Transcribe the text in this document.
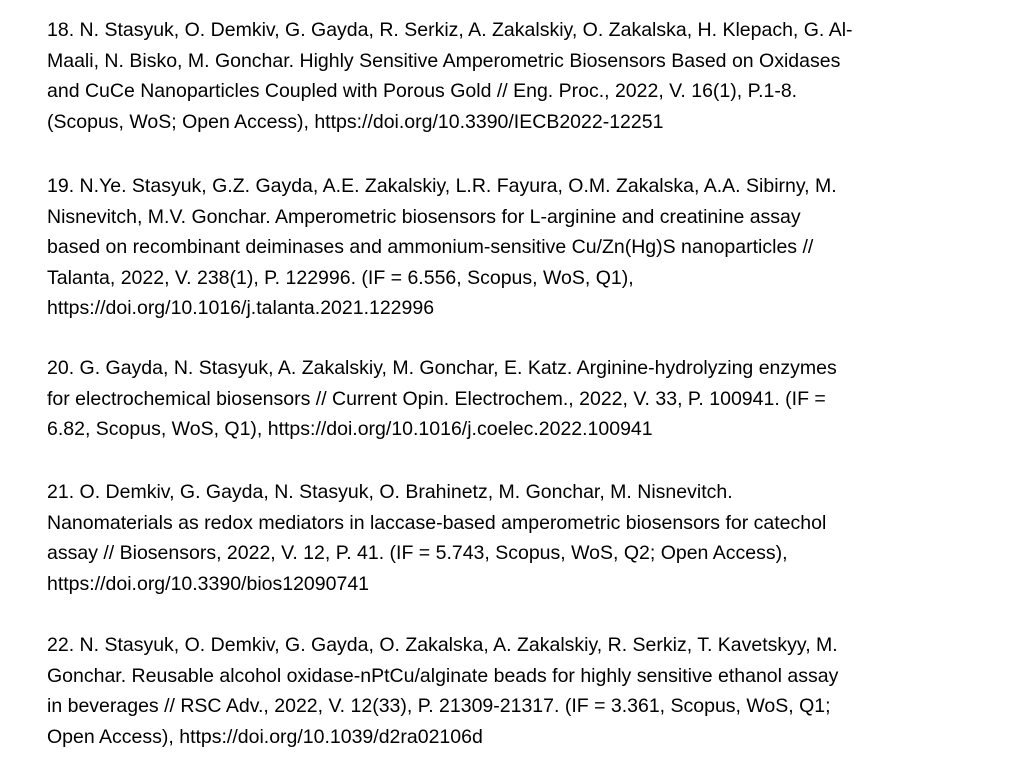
18. N. Stasyuk, O. Demkiv, G. Gayda, R. Serkiz, A. Zakalskiy, O. Zakalska, H. Klepach, G. Al-
Maali, N. Bisko, M. Gonchar. Highly Sensitive Amperometric Biosensors Based on Oxidases
and CuCe Nanoparticles Coupled with Porous Gold // Eng. Proc., 2022, V. 16(1), P.1-8.
(Scopus, WoS; Open Access), https://doi.org/10.3390/IECB2022-12251

19. N.Ye. Stasyuk, G.Z. Gayda, A.E. Zakalskiy, L.R. Fayura, O.M. Zakalska, A.A. Sibirny, M.
Nisnevitch, M.V. Gonchar. Amperometric biosensors for L-arginine and creatinine assay
based on recombinant deiminases and ammonium-sensitive Cu/Zn(Hg)S nanoparticles //
Talanta, 2022, V. 238(1), P. 122996. (IF = 6.556, Scopus, WoS, Q1),
https://doi.org/10.1016/j.talanta.2021.122996

20. G. Gayda, N. Stasyuk, A. Zakalskiy, M. Gonchar, E. Katz. Arginine-hydrolyzing enzymes
for electrochemical biosensors // Current Opin. Electrochem., 2022, V. 33, P. 100941. (IF =
6.82, Scopus, WoS, Q1), https://doi.org/10.1016/j.coelec.2022.100941

21. O. Demkiv, G. Gayda, N. Stasyuk, O. Brahinetz, M. Gonchar, M. Nisnevitch.
Nanomaterials as redox mediators in laccase-based amperometric biosensors for catechol
assay // Biosensors, 2022, V. 12, P. 41. (IF = 5.743, Scopus, WoS, Q2; Open Access),
https://doi.org/10.3390/bios12090741

22. N. Stasyuk, O. Demkiv, G. Gayda, O. Zakalska, A. Zakalskiy, R. Serkiz, T. Kavetskyy, M.
Gonchar. Reusable alcohol oxidase-nPtCu/alginate beads for highly sensitive ethanol assay
in beverages // RSC Adv., 2022, V. 12(33), P. 21309-21317. (IF = 3.361, Scopus, WoS, Q1;
Open Access), https://doi.org/10.1039/d2ra02106d
